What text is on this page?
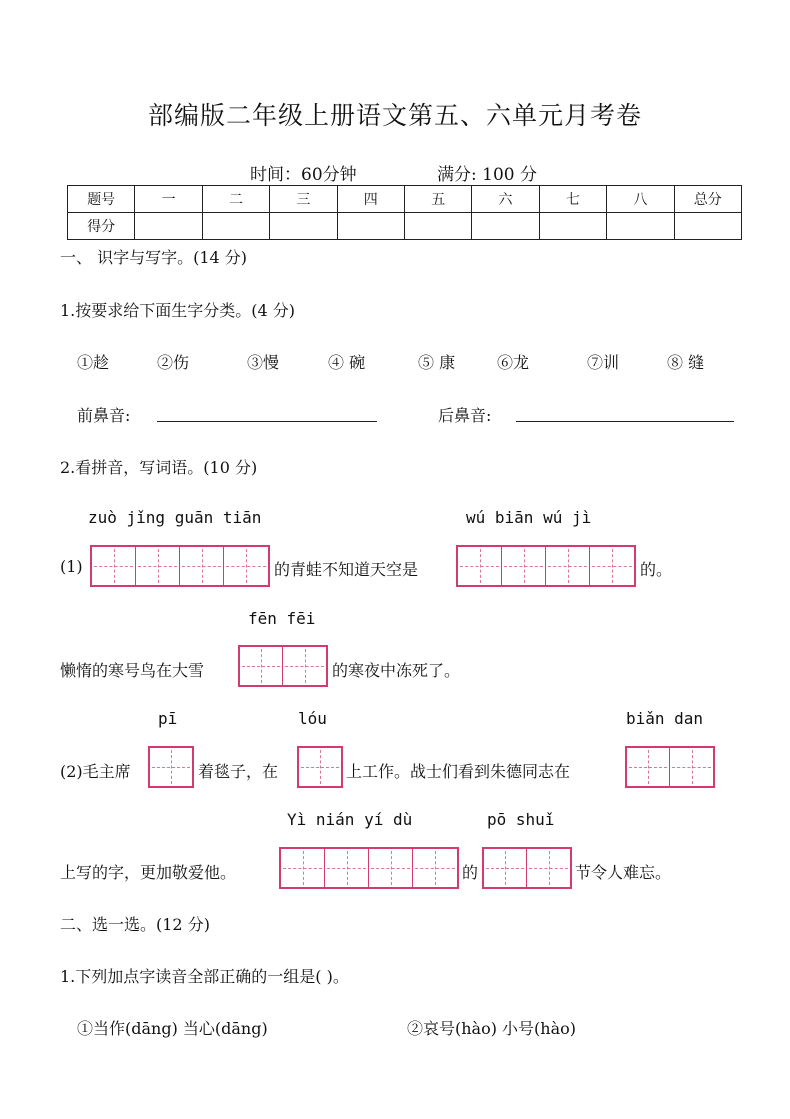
部编版二年级上册语文第五、六单元月考卷
时间：60分钟	满分: 100 分
题号	一	二	三	四	五	六	七	八	总分
得分									
一、 识字与写字。(14 分)
1.按要求给下面生字分类。(4 分)
①趁	②伤	③慢	④ 碗	⑤ 康	⑥龙	⑦训	⑧ 缝
前鼻音:	后鼻音:
2.看拼音，写词语。(10 分)
zuò jǐng guān tiān	wú biān wú jì
(1)	的青蛙不知道天空是	的。
fēn fēi
懒惰的寒号鸟在大雪	的寒夜中冻死了。
pī	lóu	biǎn dan
(2)毛主席	着毯子，在	上工作。战士们看到朱德同志在
Yì nián yí dù	pō shuǐ
上写的字，更加敬爱他。	的	节令人难忘。
二、选一选。(12 分)
1.下列加点字读音全部正确的一组是( )。
①当作(dāng) 当心(dāng)	②哀号(hào) 小号(hào)
